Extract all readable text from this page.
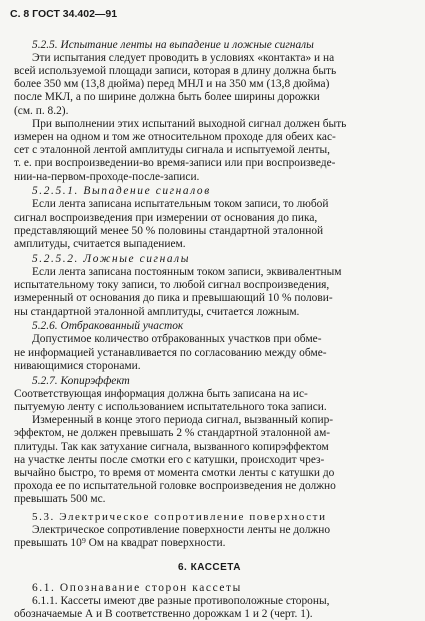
С. 8 ГОСТ 34.402—91
5.2.5. Испытание ленты на выпадение и ложные сигналы
Эти испытания следует проводить в условиях «контакта» и на
всей используемой площади записи, которая в длину должна быть
более 350 мм (13,8 дюйма) перед МНЛ и на 350 мм (13,8 дюйма)
после МКЛ, а по ширине должна быть более ширины дорожки
(см. п. 8.2).
При выполнении этих испытаний выходной сигнал должен быть
измерен на одном и том же относительном проходе для обеих кас-
сет с эталонной лентой амплитуды сигнала и испытуемой ленты,
т. е. при воспроизведении-во время-записи или при воспроизведе-
нии-на-первом-проходе-после-записи.
5.2.5.1. Выпадение сигналов
Если лента записана испытательным током записи, то любой
сигнал воспроизведения при измерении от основания до пика,
представляющий менее 50 % половины стандартной эталонной
амплитуды, считается выпадением.
5.2.5.2. Ложные сигналы
Если лента записана постоянным током записи, эквивалентным
испытательному току записи, то любой сигнал воспроизведения,
измеренный от основания до пика и превышающий 10 % полови-
ны стандартной эталонной амплитуды, считается ложным.
5.2.6. Отбракованный участок
Допустимое количество отбракованных участков при обме-
не информацией устанавливается по согласованию между обме-
нивающимися сторонами.
5.2.7. Копирэффект
Соответствующая информация должна быть записана на ис-
пытуемую ленту с использованием испытательного тока записи.
Измеренный в конце этого периода сигнал, вызванный копир-
эффектом, не должен превышать 2 % стандартной эталонной ам-
плитуды. Так как затухание сигнала, вызванного копирэффектом
на участке ленты после смотки его с катушки, происходит чрез-
вычайно быстро, то время от момента смотки ленты с катушки до
прохода ее по испытательной головке воспроизведения не должно
превышать 500 мс.
5.3. Электрическое сопротивление поверхности
Электрическое сопротивление поверхности ленты не должно
превышать 10⁹ Ом на квадрат поверхности.
6. КАССЕТА
6.1. Опознавание сторон кассеты
6.1.1. Кассеты имеют две разные противоположные стороны,
обозначаемые А и В соответственно дорожкам 1 и 2 (черт. 1).
